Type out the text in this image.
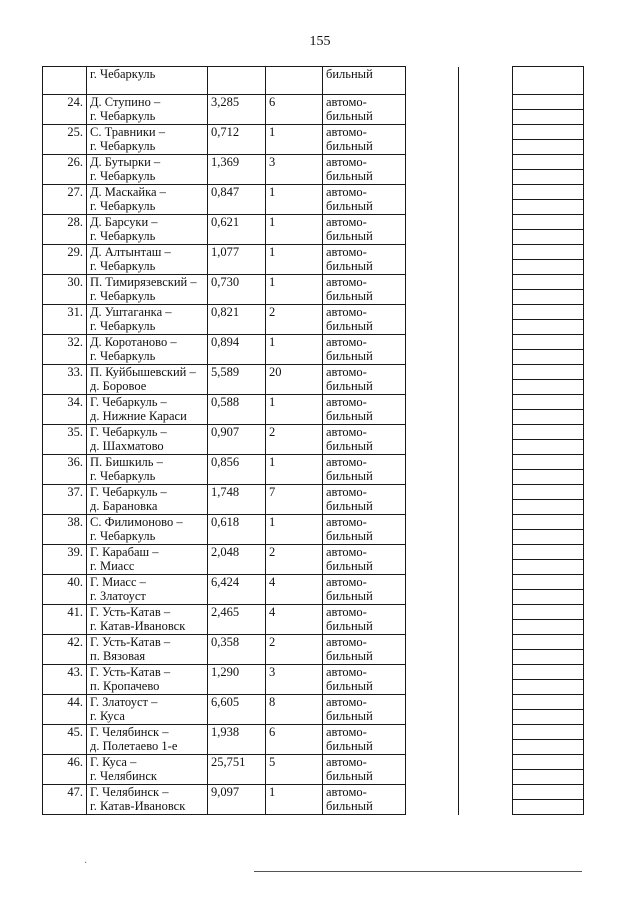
155

	г. Чебаркуль			бильный			

24.	Д. Ступино –
г. Чебаркуль	3,285	6	автомо-
бильный			

25.	С. Травники –
г. Чебаркуль	0,712	1	автомо-
бильный			

26.	Д. Бутырки –
г. Чебаркуль	1,369	3	автомо-
бильный			

27.	Д. Маскайка –
г. Чебаркуль	0,847	1	автомо-
бильный			

28.	Д. Барсуки –
г. Чебаркуль	0,621	1	автомо-
бильный			

29.	Д. Алтынташ –
г. Чебаркуль	1,077	1	автомо-
бильный			

30.	П. Тимирязевский –
г. Чебаркуль	0,730	1	автомо-
бильный			

31.	Д. Уштаганка –
г. Чебаркуль	0,821	2	автомо-
бильный			

32.	Д. Коротаново –
г. Чебаркуль	0,894	1	автомо-
бильный			

33.	П. Куйбышевский –
д. Боровое	5,589	20	автомо-
бильный			

34.	Г. Чебаркуль –
д. Нижние Караси	0,588	1	автомо-
бильный			

35.	Г. Чебаркуль –
д. Шахматово	0,907	2	автомо-
бильный			

36.	П. Бишкиль –
г. Чебаркуль	0,856	1	автомо-
бильный			

37.	Г. Чебаркуль –
д. Барановка	1,748	7	автомо-
бильный			

38.	С. Филимоново –
г. Чебаркуль	0,618	1	автомо-
бильный			

39.	Г. Карабаш –
г. Миасс	2,048	2	автомо-
бильный			

40.	Г. Миасс –
г. Златоуст	6,424	4	автомо-
бильный			

41.	Г. Усть-Катав –
г. Катав-Ивановск	2,465	4	автомо-
бильный			

42.	Г. Усть-Катав –
п. Вязовая	0,358	2	автомо-
бильный			

43.	Г. Усть-Катав –
п. Кропачево	1,290	3	автомо-
бильный			

44.	Г. Златоуст –
г. Куса	6,605	8	автомо-
бильный			

45.	Г. Челябинск –
д. Полетаево 1-е	1,938	6	автомо-
бильный			

46.	Г. Куса –
г. Челябинск	25,751	5	автомо-
бильный			

47.	Г. Челябинск –
г. Катав-Ивановск	9,097	1	автомо-
бильный			

·
